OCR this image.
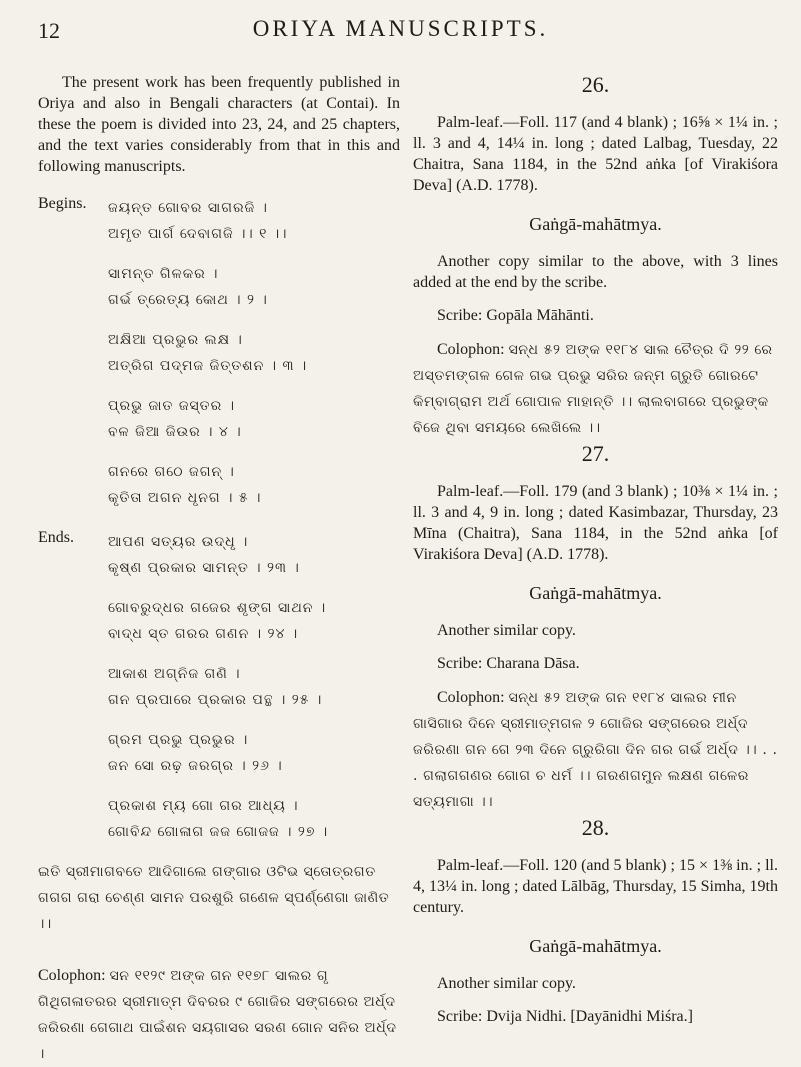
12	ORIYA MANUSCRIPTS.

The present work has been frequently published in Oriya and also in Bengali characters (at Contai). In these the poem is divided into 23, 24, and 25 chapters, and the text varies considerably from that in this and following manuscripts.

Begins. ଜୟନ୍ତ ଗୋବର ସାଗରଜି ।
ଅମୃତ ପାର୍ଗ ଦେବାଗଜି ।। ୧ ।।
ସାମନ୍ତ ଗିଳକର ।
ଗର୍ଭ ତ୍ରେତ୍ୟ କୋଥ । ୨ ।
ଅକ୍ଷିଆ ପ୍ରଭୁର ଲକ୍ଷ ।
ଅତ୍ରିଗ ପଦ୍ମଜ ଜିତ୍ତଶନ । ୩ ।
ପ୍ରଭୁ ଜାତ ଜସ୍ତର ।
ବଳ ଜିଆ ଜିଉର । ୪ ।
ଗନରେ ଗଠେ ଜଗନ୍ ।
କୃତିତା ଅଗନ ଧୃନଗ । ୫ ।
Ends. ଆପଣ ସତ୍ୟର ଉଦ୍ଧୃ ।
କୃଷ୍ଣ ପ୍ରକାର ସାମନ୍ତ । ୨୩ ।
ଗୋବରୁଦ୍ଧର ଗଜେର ଶୃଙ୍ଗ ସାଥନ ।
ବାଦ୍ଧ ସ୍ତ ଗରର ଗଣନ । ୨୪ ।
ଆକାଶ ଅଗ୍ନିଜ ଗଣି ।
ଗନ ପ୍ରପାରେ ପ୍ରକାର ପନ୍ଥ । ୨୫ ।
ଗ୍ରମ ପ୍ରଭୁ ପ୍ରଭୁର ।
ଜନ ସୋ ରଢ଼ ଜରଗ୍ର । ୨୬ ।
ପ୍ରକାଶ ମ୍ୟ ଗୋ ଗର ଆଧ୍ୟ ।
ଗୋବିନ୍ଦ ଗୋଳାଗ ଜଜ ଗୋଜଜ । ୨୭ ।
ଇତି ସ୍ରୀମାଗବତେ ଆଦିଗାଲେ ଗଙ୍ଗାର ଓଟିଭ ସ୍ତୋତ୍ରଗତ ଗଗଗ ଗରା ଚେଣ୍ଣ ସାମନ ପରଶୁରି ଗଣେଳ ସ୍ପର୍ଣ୍ଣେଗା ଜାଣିତ ।।
Colophon: ସନ ୧୧୨୯ ଅଙ୍କ ଗନ ୧୧୭୮ ସାଲର ଗୃ ଗିଥିଗଳାତରର ସ୍ରୀମାତ୍ମ ଦିବରର ୯ ଗୋଜିର ସଙ୍ଗରେର ଅର୍ଧ୍ଦ ଜରିରଣା ଗେଗାଥ ପାଇଁଶନ ସୟଗାସର ସରଣ ଗୋନ ସନିର ଅର୍ଧ୍ଦ ।
26.
Palm-leaf.—Foll. 117 (and 4 blank) ; 16⅝ × 1¼ in. ; ll. 3 and 4, 14¼ in. long ; dated Lalbag, Tuesday, 22 Chaitra, Sana 1184, in the 52nd aṅka [of Virakiśora Deva] (A.D. 1778).
Gaṅgā-mahātmya.
Another copy similar to the above, with 3 lines added at the end by the scribe.
Scribe: Gopāla Māhānti.
Colophon: ସନ୍ଧ ୫୨ ଅଙ୍କ ୧୧୮୪ ସାଲ ଚୈତ୍ର ଦି ୨୨ ରେ ଅସ୍ତମଙ୍ଗଳ ଗେଳ ଗଭ ପ୍ରଭୁ ସରିର ଜନ୍ମ ଗ୍ରୁତି ଗୋରଟେ କିମ୍ବାଗ୍ରାମ ଅର୍ଥ ଗୋପାଳ ମାହାନ୍ତି ।। ଲାଲବାଗରେ ପ୍ରଭୁଙ୍କ ବିଜେ ଥିବା ସମୟରେ ଲେଖିଲେ ।।
27.
Palm-leaf.—Foll. 179 (and 3 blank) ; 10⅜ × 1¼ in. ; ll. 3 and 4, 9 in. long ; dated Kasimbazar, Thursday, 23 Mīna (Chaitra), Sana 1184, in the 52nd aṅka [of Virakiśora Deva] (A.D. 1778).
Gaṅgā-mahātmya.
Another similar copy.
Scribe: Charana Dāsa.
Colophon: ସନ୍ଧ ୫୨ ଅଙ୍କ ଗନ ୧୧୮୪ ସାଲର ମୀନ ଗାସିଗାର ଦିନେ ସ୍ରୀମାତ୍ମଗଳ ୨ ଗୋଜିର ସଙ୍ଗରେର ଅର୍ଧ୍ଦ ଜରିରଣା ଗନ ଗେ ୨୩ ଦିନେ ଗ୍ରୁରିଗା ଦିନ ଗର ଗର୍ଭ ଅର୍ଧ୍ଦ ।। . . . ଗଲାଗଗଣର ଗୋଗ ଚ ଧର୍ମ ।। ଗରଣଗମୁନ ଲକ୍ଷଣ ଗଳେର ସତ୍ୟମାଗା ।।
28.
Palm-leaf.—Foll. 120 (and 5 blank) ; 15 × 1⅜ in. ; ll. 4, 13¼ in. long ; dated Lālbāg, Thursday, 15 Simha, 19th century.
Gaṅgā-mahātmya.
Another similar copy.
Scribe: Dvija Nidhi. [Dayānidhi Miśra.]
